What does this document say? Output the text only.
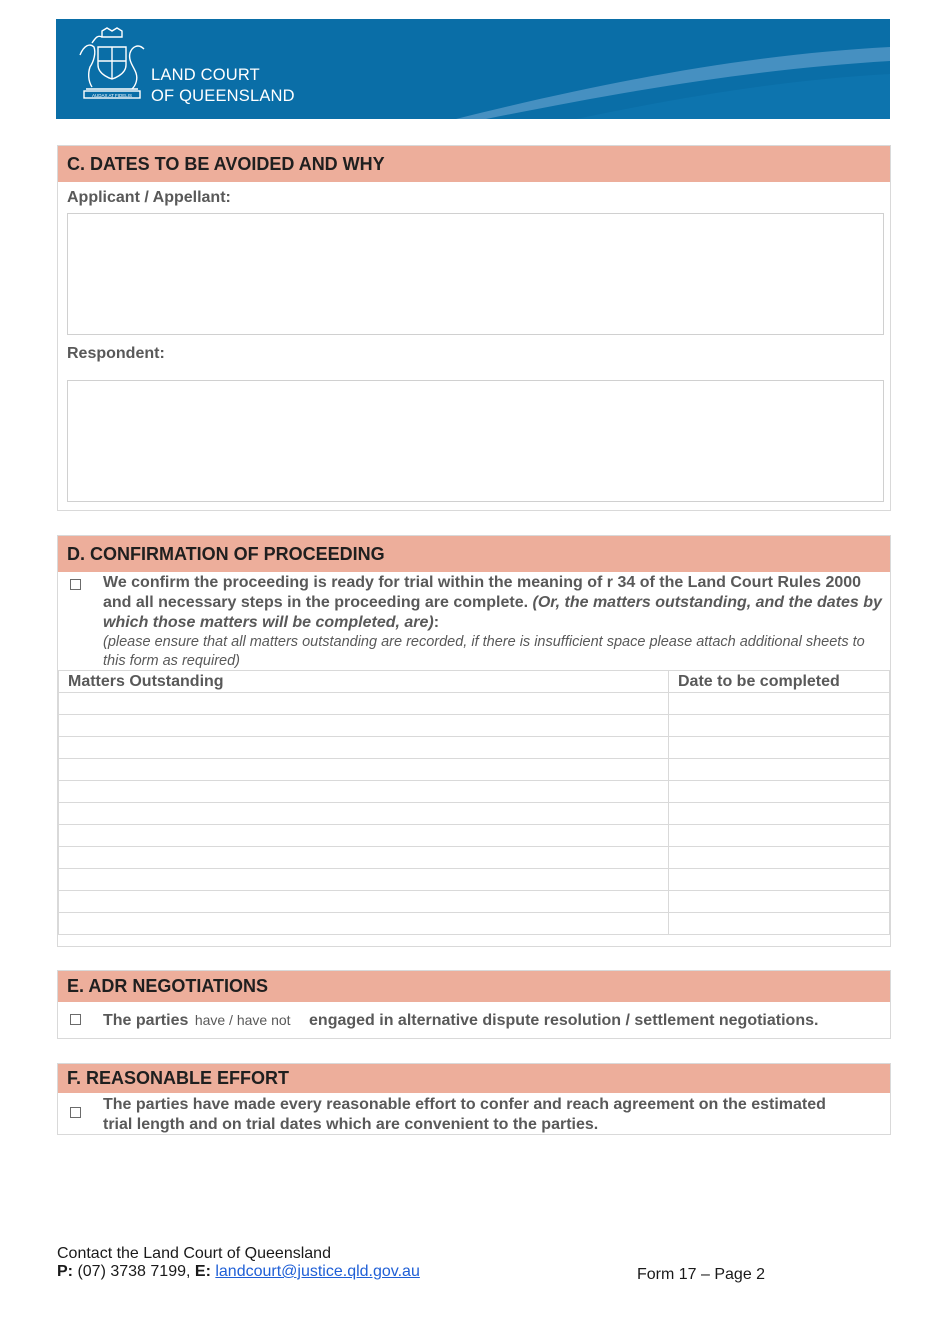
AUDAX AT FIDELIS
LAND COURT
OF QUEENSLAND
C. DATES TO BE AVOIDED AND WHY
Applicant / Appellant:
Respondent:
D. CONFIRMATION OF PROCEEDING
We confirm the proceeding is ready for trial within the meaning of r 34 of the Land Court Rules 2000 and all necessary steps in the proceeding are complete. (Or, the matters outstanding, and the dates by which those matters will be completed, are):
(please ensure that all matters outstanding are recorded, if there is insufficient space please attach additional sheets to this form as required)
Matters Outstanding	Date to be completed

E. ADR NEGOTIATIONS
The parties have / have not engaged in alternative dispute resolution / settlement negotiations.
F. REASONABLE EFFORT
The parties have made every reasonable effort to confer and reach agreement on the estimated trial length and on trial dates which are convenient to the parties.
Contact the Land Court of Queensland
P: (07) 3738 7199, E: landcourt@justice.qld.gov.au	Form 17 – Page 2
